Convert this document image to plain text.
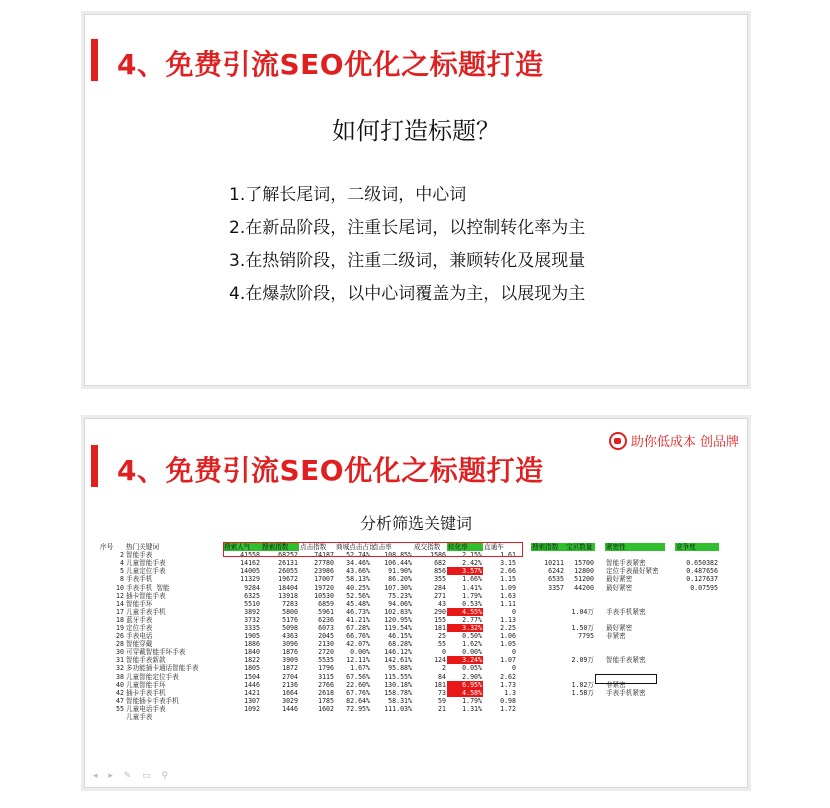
4、免费引流SEO优化之标题打造
如何打造标题？
1.了解长尾词，二级词，中心词
2.在新品阶段，注重长尾词，以控制转化率为主
3.在热销阶段，注重二级词，兼顾转化及展现量
4.在爆款阶段，以中心词覆盖为主，以展现为主
助你低成本 创品牌
4、免费引流SEO优化之标题打造
分析筛选关键词
序号	热门关键词	搜索人气	搜索指数	点击指数	商城点击占比	点击率	成交指数	转化率	直通车		搜索指数	宝贝数量		紧密性		竞争度
2	智能手表	41558	68252	74187	52.74%	108.85%	1586	2.15%	1.61							
4	儿童智能手表	14162	26131	27780	34.46%	106.44%	682	2.42%	3.15		10211	15700		智能手表紧密		0.650382
5	儿童定位手表	14005	26055	23986	43.66%	91.90%	856	3.57%	2.66		6242	12800		定位手表最好紧密		0.487656
8	手表手机	11329	19672	17007	58.13%	86.20%	355	1.66%	1.15		6535	51200		最好紧密		0.127637
10	手表手机 智能	9284	18404	19720	40.25%	107.30%	284	1.41%	1.09		3357	44200		最好紧密		0.07595
12	插卡智能手表	6325	13918	10530	52.56%	75.23%	271	1.79%	1.63							
14	智能手环	5510	7283	6859	45.48%	94.06%	43	0.53%	1.11							
17	儿童手表手机	3892	5800	5961	46.73%	102.83%	290	4.55%	0			1.04万		手表手机紧密		
18	蓝牙手表	3732	5176	6236	41.21%	120.95%	155	2.77%	1.13							
19	定位手表	3335	5098	6073	67.28%	119.54%	181	3.32%	2.25			1.50万		最好紧密		
26	手表电话	1905	4363	2045	66.76%	46.15%	25	0.50%	1.06			7795		非紧密		
28	智能穿戴	1886	3096	2130	42.07%	68.28%	55	1.62%	1.05							
30	可穿戴智能手环手表	1840	1876	2720	0.00%	146.12%	0	0.00%	0							
31	智能手表新款	1822	3909	5535	12.11%	142.61%	124	3.24%	1.07			2.09万		智能手表紧密		
32	多功能插卡通话智能手表	1805	1872	1796	1.67%	95.88%	2	0.05%	0							
38	儿童智能定位手表	1504	2704	3115	67.56%	115.55%	84	2.90%	2.62							
40	儿童智能手环	1446	2136	2766	22.60%	130.18%	181	6.95%	1.73			1.02万		非紧密		
42	插卡手表手机	1421	1664	2618	67.76%	158.78%	73	4.58%	1.3			1.58万		手表手机紧密		
47	智能插卡手表手机	1307	3029	1785	82.64%	58.31%	59	1.79%	0.98							
55	儿童电话手表	1092	1446	1602	72.95%	111.03%	21	1.31%	1.72							
	儿童手表															
◂ ▸ ✎ ▭ ⚲
